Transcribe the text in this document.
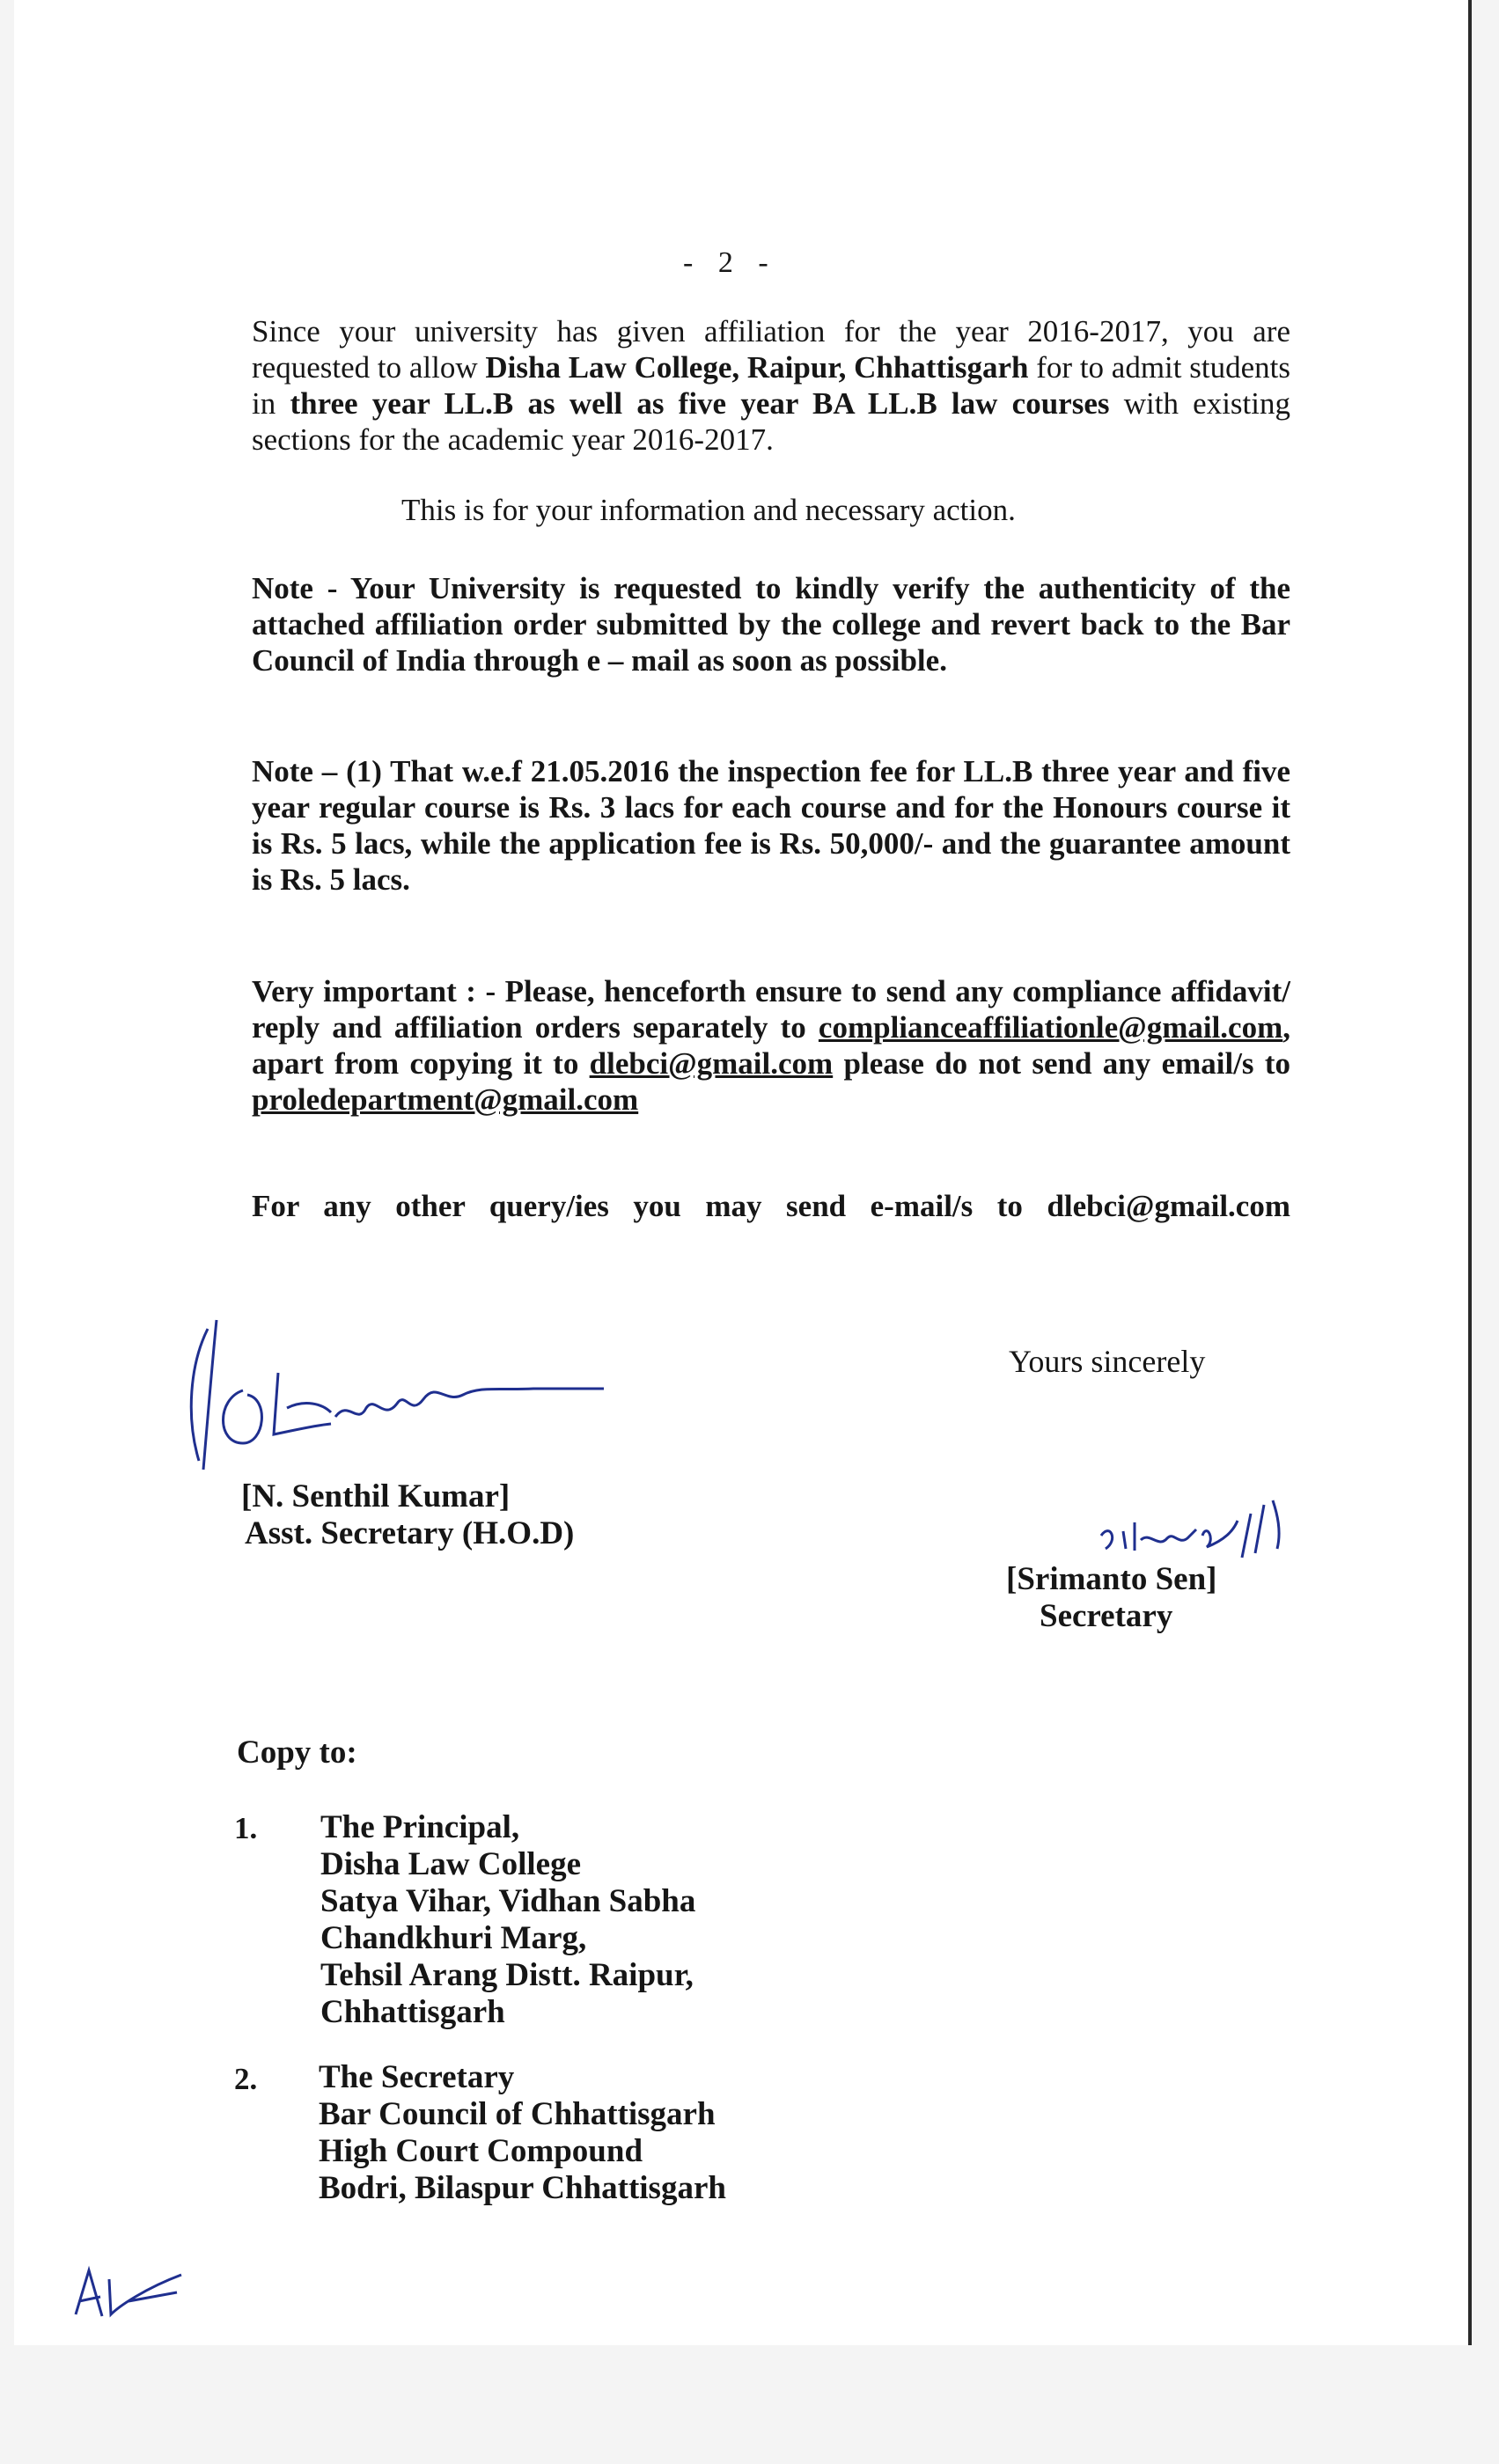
- 2 -

Since your university has given affiliation for the year 2016-2017, you are requested to allow Disha Law College, Raipur, Chhattisgarh for to admit students in three year LL.B as well as five year BA LL.B law courses with existing sections for the academic year 2016-2017.

This is for your information and necessary action.

Note - Your University is requested to kindly verify the authenticity of the attached affiliation order submitted by the college and revert back to the Bar Council of India through e – mail as soon as possible.

Note – (1) That w.e.f 21.05.2016 the inspection fee for LL.B three year and five year regular course is Rs. 3 lacs for each course and for the Honours course it is Rs. 5 lacs, while the application fee is Rs. 50,000/- and the guarantee amount is Rs. 5 lacs.

Very important : - Please, henceforth ensure to send any compliance affidavit/ reply and affiliation orders separately to complianceaffiliationle@gmail.com, apart from copying it to dlebci@gmail.com please do not send any email/s to proledepartment@gmail.com

For any other query/ies you may send e-mail/s to dlebci@gmail.com

Yours sincerely

[N. Senthil Kumar]

Asst. Secretary (H.O.D)

[Srimanto Sen]

Secretary

Copy to:

1. The Principal,
Disha Law College
Satya Vihar, Vidhan Sabha
Chandkhuri Marg,
Tehsil Arang Distt. Raipur,
Chhattisgarh

2. The Secretary
Bar Council of Chhattisgarh
High Court Compound
Bodri, Bilaspur Chhattisgarh
